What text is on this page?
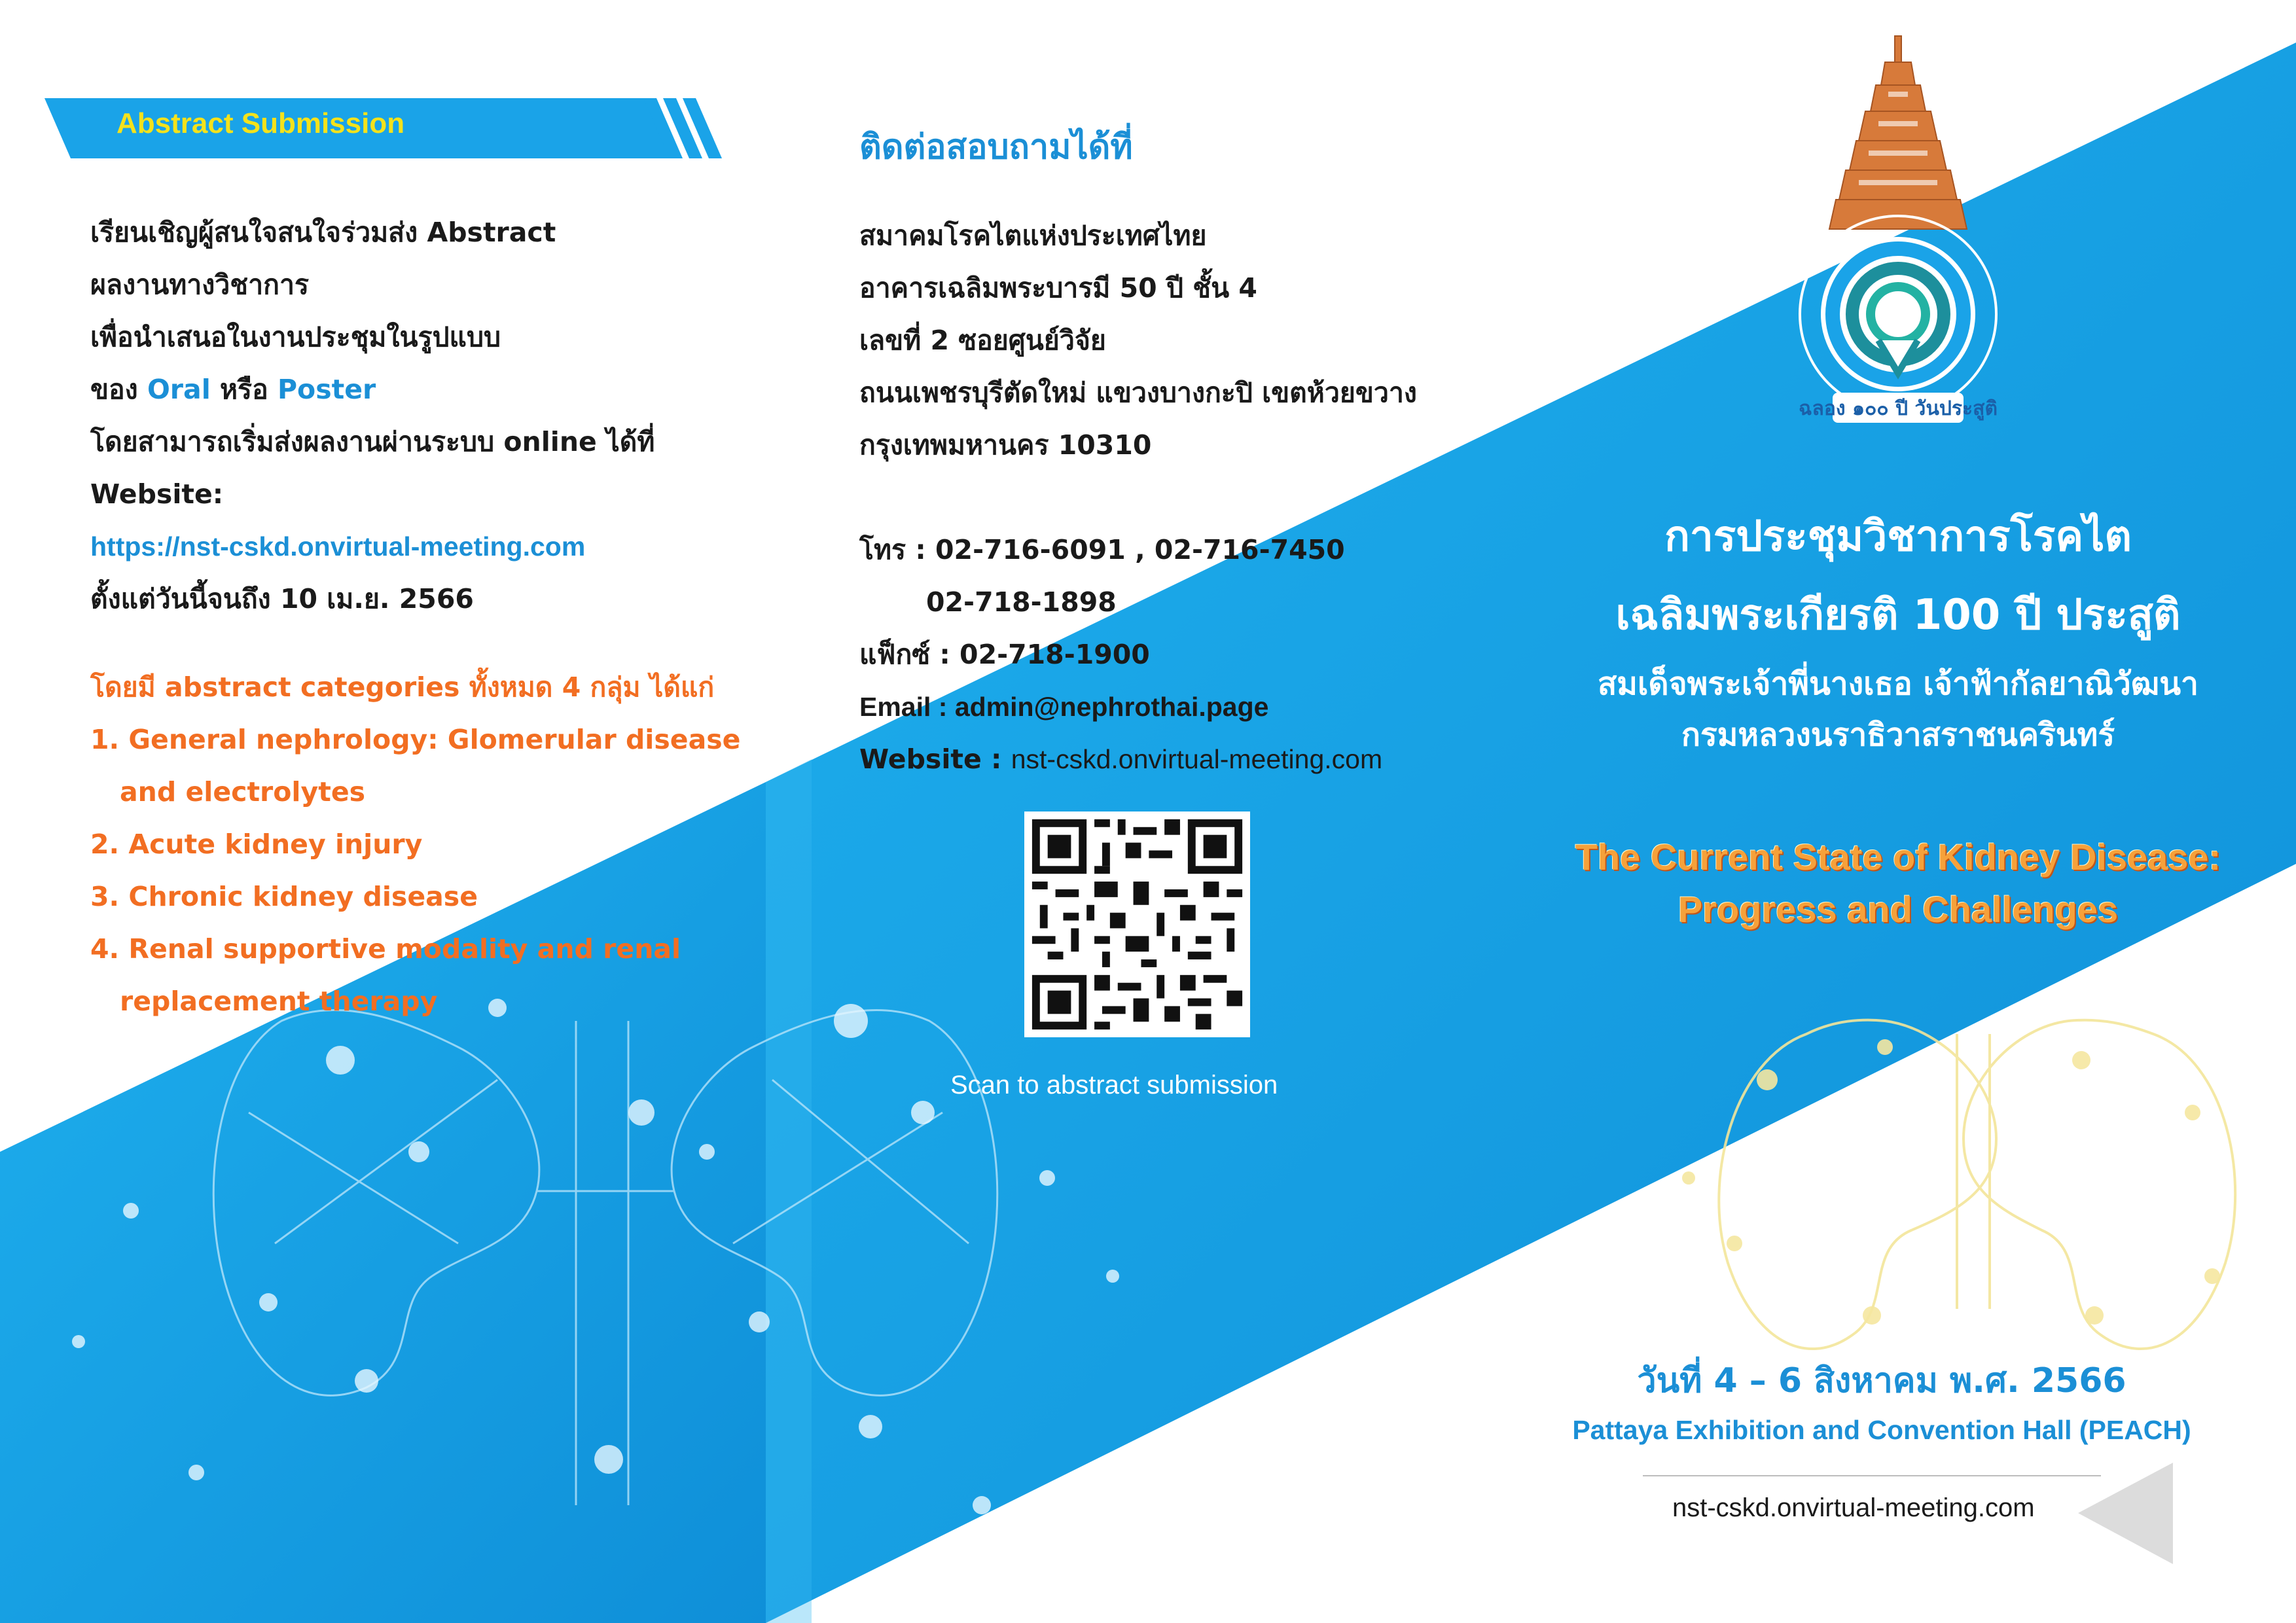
Abstract Submission
เรียนเชิญผู้สนใจสนใจร่วมส่ง Abstract
ผลงานทางวิชาการ
เพื่อนำเสนอในงานประชุมในรูปแบบ
ของ Oral หรือ Poster
โดยสามารถเริ่มส่งผลงานผ่านระบบ online ได้ที่
Website:
https://nst-cskd.onvirtual-meeting.com
ตั้งแต่วันนี้จนถึง 10 เม.ย. 2566
โดยมี abstract categories ทั้งหมด 4 กลุ่ม ได้แก่
1. General nephrology: Glomerular disease
and electrolytes
2. Acute kidney injury
3. Chronic kidney disease
4. Renal supportive modality and renal
replacement therapy
ติดต่อสอบถามได้ที่
สมาคมโรคไตแห่งประเทศไทย
อาคารเฉลิมพระบารมี 50 ปี ชั้น 4
เลขที่ 2 ซอยศูนย์วิจัย
ถนนเพชรบุรีตัดใหม่ แขวงบางกะปิ เขตห้วยขวาง
กรุงเทพมหานคร 10310
โทร : 02-716-6091 , 02-716-7450
02-718-1898
แฟ็กซ์ : 02-718-1900
Email : admin@nephrothai.page
Website : nst-cskd.onvirtual-meeting.com
Scan to abstract submission
ฉลอง ๑๐๐ ปี วันประสูติ
การประชุมวิชาการโรคไต
เฉลิมพระเกียรติ 100 ปี ประสูติ
สมเด็จพระเจ้าพี่นางเธอ เจ้าฟ้ากัลยาณิวัฒนา
กรมหลวงนราธิวาสราชนครินทร์
The Current State of Kidney Disease:
Progress and Challenges
วันที่ 4 – 6 สิงหาคม พ.ศ. 2566
Pattaya Exhibition and Convention Hall (PEACH)
nst-cskd.onvirtual-meeting.com
